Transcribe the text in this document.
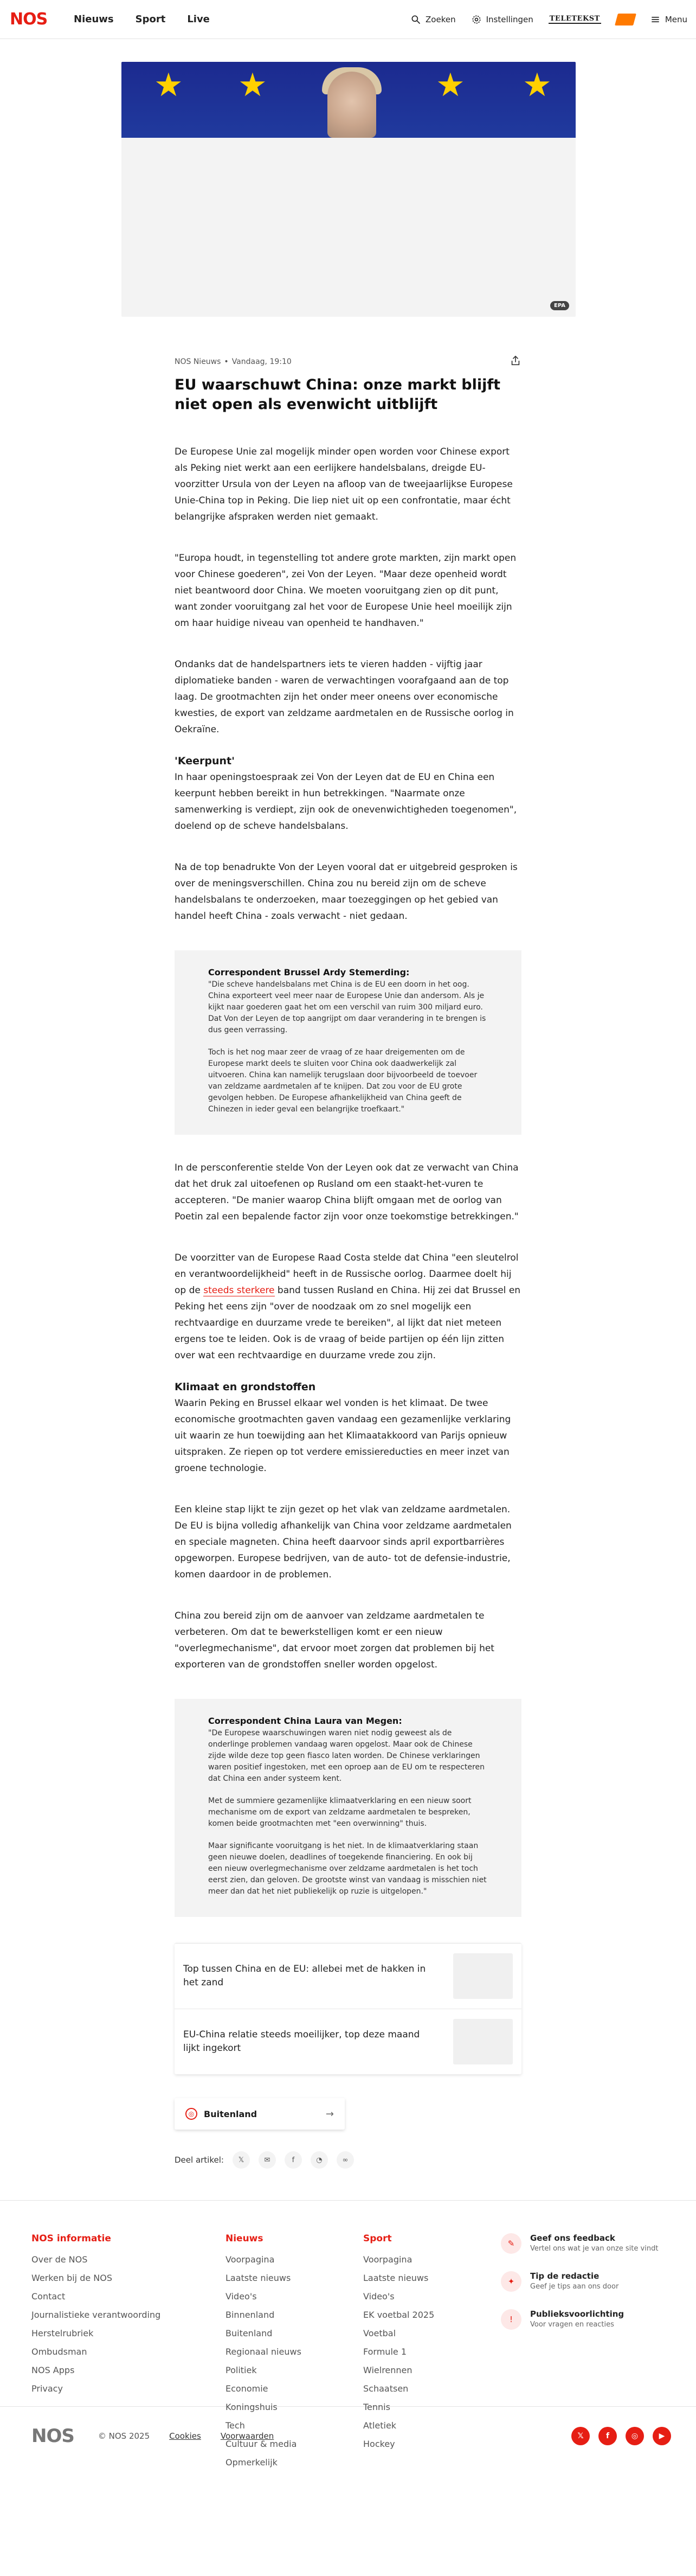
NOS	Nieuws Sport Live	Zoeken	Instellingen TELETEKST	Menu
★ ★	★ ★
EPA
NOS Nieuws • Vandaag, 19:10
EU waarschuwt China: onze markt blijft niet open als evenwicht uitblijft

De Europese Unie zal mogelijk minder open worden voor Chinese export als Peking niet werkt aan een eerlijkere handelsbalans, dreigde EU-voorzitter Ursula von der Leyen na afloop van de tweejaarlijkse Europese Unie-China top in Peking. Die liep niet uit op een confrontatie, maar écht belangrijke afspraken werden niet gemaakt.

"Europa houdt, in tegenstelling tot andere grote markten, zijn markt open voor Chinese goederen", zei Von der Leyen. "Maar deze openheid wordt niet beantwoord door China. We moeten vooruitgang zien op dit punt, want zonder vooruitgang zal het voor de Europese Unie heel moeilijk zijn om haar huidige niveau van openheid te handhaven."

Ondanks dat de handelspartners iets te vieren hadden - vijftig jaar diplomatieke banden - waren de verwachtingen voorafgaand aan de top laag. De grootmachten zijn het onder meer oneens over economische kwesties, de export van zeldzame aardmetalen en de Russische oorlog in Oekraïne.

'Keerpunt'

In haar openingstoespraak zei Von der Leyen dat de EU en China een keerpunt hebben bereikt in hun betrekkingen. "Naarmate onze samenwerking is verdiept, zijn ook de onevenwichtigheden toegenomen", doelend op de scheve handelsbalans.

Na de top benadrukte Von der Leyen vooral dat er uitgebreid gesproken is over de meningsverschillen. China zou nu bereid zijn om de scheve handelsbalans te onderzoeken, maar toezeggingen op het gebied van handel heeft China - zoals verwacht - niet gedaan.

Correspondent Brussel Ardy Stemerding:

"Die scheve handelsbalans met China is de EU een doorn in het oog. China exporteert veel meer naar de Europese Unie dan andersom. Als je kijkt naar goederen gaat het om een verschil van ruim 300 miljard euro. Dat Von der Leyen de top aangrijpt om daar verandering in te brengen is dus geen verrassing.

Toch is het nog maar zeer de vraag of ze haar dreigementen om de Europese markt deels te sluiten voor China ook daadwerkelijk zal uitvoeren. China kan namelijk terugslaan door bijvoorbeeld de toevoer van zeldzame aardmetalen af te knijpen. Dat zou voor de EU grote gevolgen hebben. De Europese afhankelijkheid van China geeft de Chinezen in ieder geval een belangrijke troefkaart."

In de persconferentie stelde Von der Leyen ook dat ze verwacht van China dat het druk zal uitoefenen op Rusland om een staakt-het-vuren te accepteren. "De manier waarop China blijft omgaan met de oorlog van Poetin zal een bepalende factor zijn voor onze toekomstige betrekkingen."

De voorzitter van de Europese Raad Costa stelde dat China "een sleutelrol en verantwoordelijkheid" heeft in de Russische oorlog. Daarmee doelt hij op de steeds sterkere band tussen Rusland en China. Hij zei dat Brussel en Peking het eens zijn "over de noodzaak om zo snel mogelijk een rechtvaardige en duurzame vrede te bereiken", al lijkt dat niet meteen ergens toe te leiden. Ook is de vraag of beide partijen op één lijn zitten over wat een rechtvaardige en duurzame vrede zou zijn.

Klimaat en grondstoffen

Waarin Peking en Brussel elkaar wel vonden is het klimaat. De twee economische grootmachten gaven vandaag een gezamenlijke verklaring uit waarin ze hun toewijding aan het Klimaatakkoord van Parijs opnieuw uitspraken. Ze riepen op tot verdere emissiereducties en meer inzet van groene technologie.

Een kleine stap lijkt te zijn gezet op het vlak van zeldzame aardmetalen. De EU is bijna volledig afhankelijk van China voor zeldzame aardmetalen en speciale magneten. China heeft daarvoor sinds april exportbarrières opgeworpen. Europese bedrijven, van de auto- tot de defensie-industrie, komen daardoor in de problemen.

China zou bereid zijn om de aanvoer van zeldzame aardmetalen te verbeteren. Om dat te bewerkstelligen komt er een nieuw "overlegmechanisme", dat ervoor moet zorgen dat problemen bij het exporteren van de grondstoffen sneller worden opgelost.

Correspondent China Laura van Megen:

"De Europese waarschuwingen waren niet nodig geweest als de onderlinge problemen vandaag waren opgelost. Maar ook de Chinese zijde wilde deze top geen fiasco laten worden. De Chinese verklaringen waren positief ingestoken, met een oproep aan de EU om te respecteren dat China een ander systeem kent.

Met de summiere gezamenlijke klimaatverklaring en een nieuw soort mechanisme om de export van zeldzame aardmetalen te bespreken, komen beide grootmachten met "een overwinning" thuis.

Maar significante vooruitgang is het niet. In de klimaatverklaring staan geen nieuwe doelen, deadlines of toegekende financiering. En ook bij een nieuw overlegmechanisme over zeldzame aardmetalen is het toch eerst zien, dan geloven. De grootste winst van vandaag is misschien niet meer dan dat het niet publiekelijk op ruzie is uitgelopen."

Top tussen China en de EU: allebei met de hakken in het zand
EU-China relatie steeds moeilijker, top deze maand lijkt ingekort
◎	Buitenland	→
Deel artikel:	𝕏	✉	f	◔	∞
NOS informatie
Over de NOS
Werken bij de NOS
Contact
Journalistieke verantwoording
Herstelrubriek
Ombudsman
NOS Apps
Privacy
Nieuws
Voorpagina
Laatste nieuws
Video's
Binnenland
Buitenland
Regionaal nieuws
Politiek
Economie
Koningshuis
Tech
Cultuur & media
Opmerkelijk
Sport
Voorpagina
Laatste nieuws
Video's
EK voetbal 2025
Voetbal
Formule 1
Wielrennen
Schaatsen
Tennis
Atletiek
Hockey
✎
Geef ons feedback
Vertel ons wat je van onze site vindt
✦
Tip de redactie
Geef je tips aan ons door
!
Publieksvoorlichting
Voor vragen en reacties
NOS	© NOS 2025 Cookies Voorwaarden	𝕏	f	◎	▶
